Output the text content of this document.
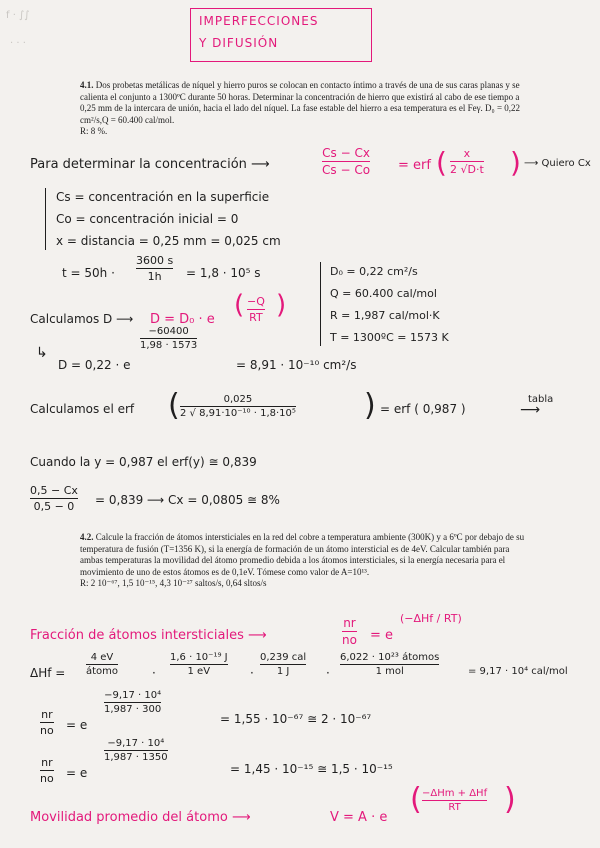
f · ∫∫
· · ·
IMPERFECCIONES
Y DIFUSIÓN
4.1. Dos probetas metálicas de níquel y hierro puros se colocan en contacto íntimo a través de una de sus caras planas y se calienta el conjunto a 1300ºC durante 50 horas. Determinar la concentración de hierro que existirá al cabo de ese tiempo a 0,25 mm de la intercara de unión, hacia el lado del níquel. La fase estable del hierro a esa temperatura es el Feγ. D₀ = 0,22 cm²/s,Q = 60.400 cal/mol.
R: 8 %.
Para determinar la concentración ⟶
Cs − Cx
Cs − Co = erf (	x
2 √D·t ) ⟶ Quiero Cx
Cs = concentración en la superficie
Co = concentración inicial = 0
x = distancia = 0,25 mm = 0,025 cm
t = 50h ·
3600 s
1h	= 1,8 · 10⁵ s	D₀ = 0,22 cm²/s
Q = 60.400 cal/mol
R = 1,987 cal/mol·K
T = 1300ºC = 1573 K
Calculamos D ⟶ D = D₀ · e
−Q
RT
( )
↳
D = 0,22 · e
−60400
1,98 · 1573
= 8,91 · 10⁻¹⁰ cm²/s
Calculamos el erf (	0,025
2 √ 8,91·10⁻¹⁰ · 1,8·10⁵ ) = erf ( 0,987 )
tabla
⟶
Cuando la y = 0,987 el erf(y) ≅ 0,839
0,5 − Cx
0,5 − 0	= 0,839 ⟶ Cx = 0,0805 ≅ 8%
4.2. Calcule la fracción de átomos intersticiales en la red del cobre a temperatura ambiente (300K) y a 6ºC por debajo de su temperatura de fusión (T=1356 K), si la energía de formación de un átomo intersticial es de 4eV. Calcular también para ambas temperaturas la movilidad del átomo promedio debida a los átomos intersticiales, si la energía necesaria para el movimiento de uno de estos átomos es de 0,1eV. Tómese como valor de A=10¹³.
R: 2 10⁻⁶⁷, 1,5 10⁻¹⁵, 4,3 10⁻²⁷ saltos/s, 0,64 sltos/s
Fracción de átomos intersticiales ⟶
nr
no = e
(−ΔHf / RT)
ΔHf =
4 eV
átomo	·
1,6 · 10⁻¹⁹ J
1 eV	·
0,239 cal
1 J	·
6,022 · 10²³ átomos
1 mol	= 9,17 · 10⁴ cal/mol
nr
no = e
−9,17 · 10⁴
1,987 · 300
= 1,55 · 10⁻⁶⁷ ≅ 2 · 10⁻⁶⁷
nr
no = e
−9,17 · 10⁴
1,987 · 1350
= 1,45 · 10⁻¹⁵ ≅ 1,5 · 10⁻¹⁵
Movilidad promedio del átomo ⟶	V = A · e
( −ΔHm + ΔHf
RT	)
